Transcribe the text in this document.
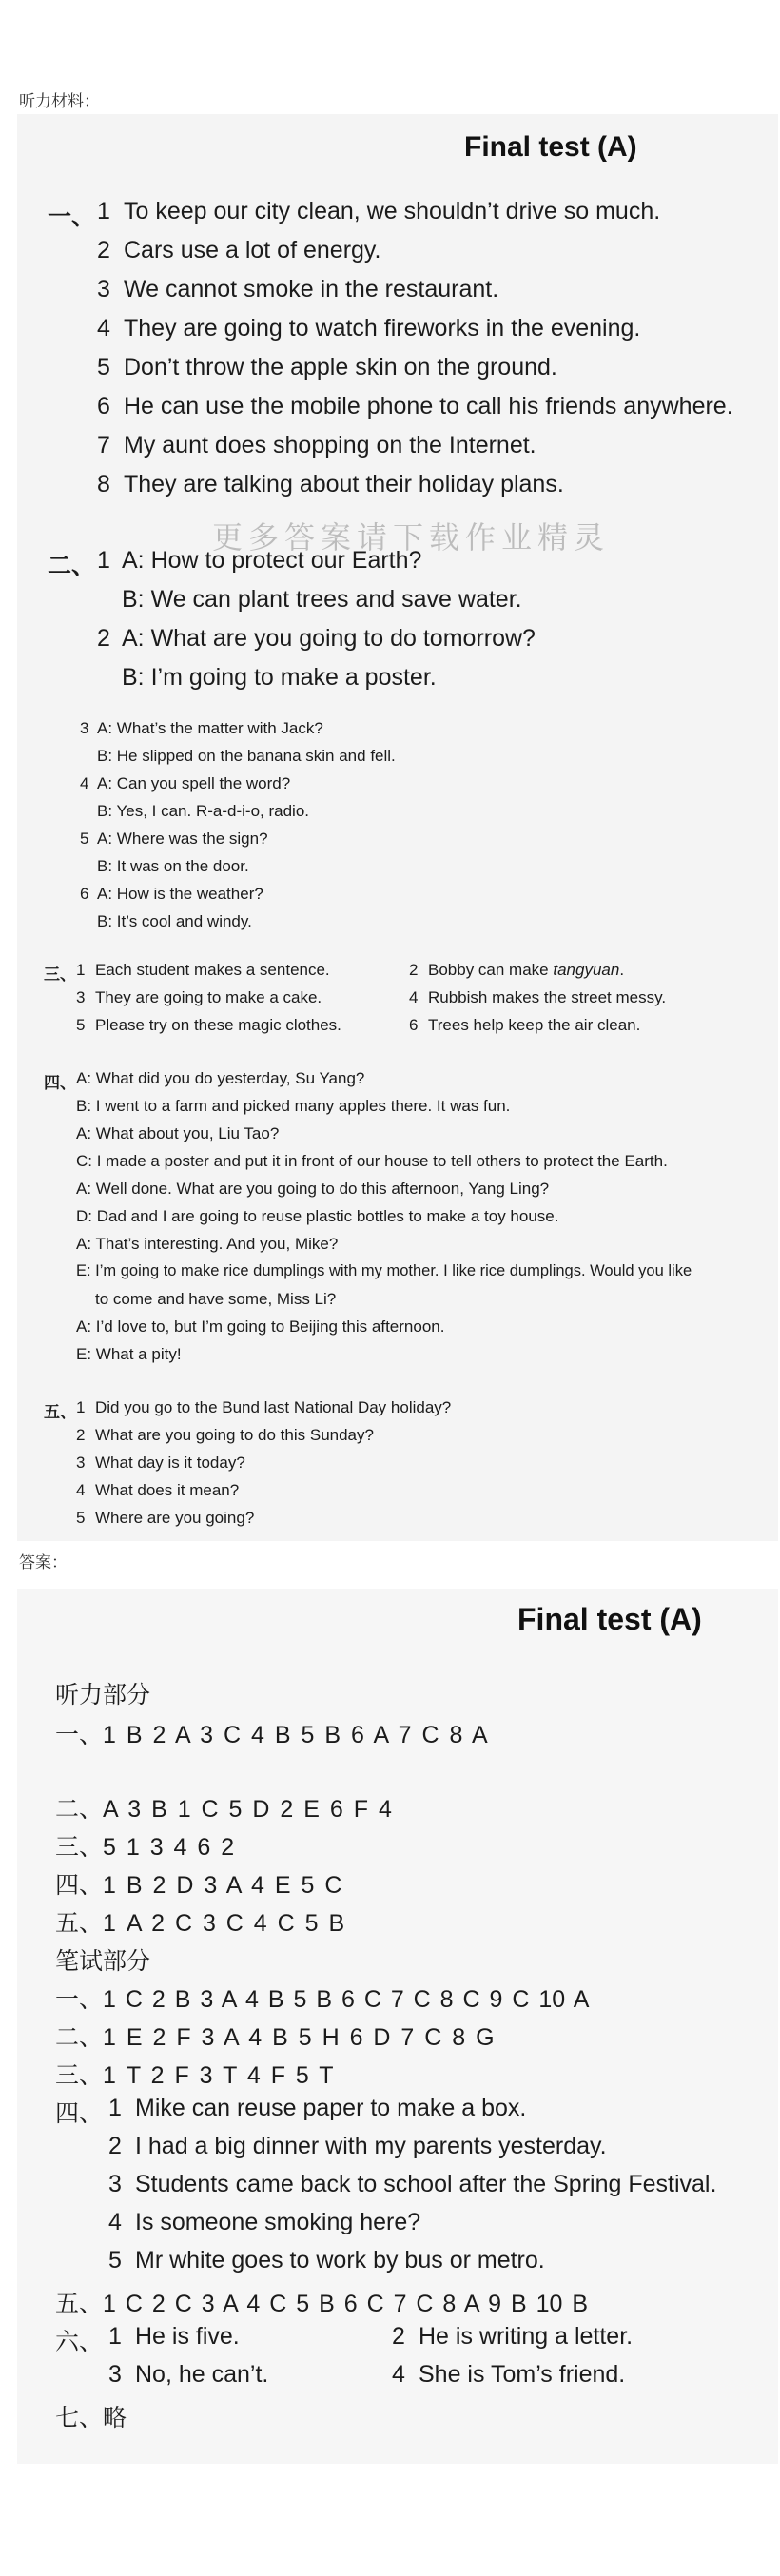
听力材料：
Final test (A)
一、 1 To keep our city clean, we shouldn’t drive so much.
2 Cars use a lot of energy.
3 We cannot smoke in the restaurant.
4 They are going to watch fireworks in the evening.
5 Don’t throw the apple skin on the ground.
6 He can use the mobile phone to call his friends anywhere.
7 My aunt does shopping on the Internet.
8 They are talking about their holiday plans.
更多答案请下载作业精灵
二、 1 A: How to protect our Earth?
B: We can plant trees and save water.
2 A: What are you going to do tomorrow?
B: I’m going to make a poster.
3 A: What’s the matter with Jack?
B: He slipped on the banana skin and fell.
4 A: Can you spell the word?
B: Yes, I can. R-a-d-i-o, radio.
5 A: Where was the sign?
B: It was on the door.
6 A: How is the weather?
B: It’s cool and windy.
三、 1 Each student makes a sentence.	2 Bobby can make tangyuan.
3 They are going to make a cake.	4 Rubbish makes the street messy.
5 Please try on these magic clothes.	6 Trees help keep the air clean.
四、 A: What did you do yesterday, Su Yang?
B: I went to a farm and picked many apples there. It was fun.
A: What about you, Liu Tao?
C: I made a poster and put it in front of our house to tell others to protect the Earth.
A: Well done. What are you going to do this afternoon, Yang Ling?
D: Dad and I are going to reuse plastic bottles to make a toy house.
A: That’s interesting. And you, Mike?
E: I’m going to make rice dumplings with my mother. I like rice dumplings. Would you like
to come and have some, Miss Li?
A: I’d love to, but I’m going to Beijing this afternoon.
E: What a pity!
五、 1 Did you go to the Bund last National Day holiday?
2 What are you going to do this Sunday?
3 What day is it today?
4 What does it mean?
5 Where are you going?
答案：
Final test (A)
听力部分
一、1 B 2 A 3 C 4 B 5 B 6 A 7 C 8 A
二、A 3 B 1 C 5 D 2 E 6 F 4
三、5 1 3 4 6 2
四、1 B 2 D 3 A 4 E 5 C
五、1 A 2 C 3 C 4 C 5 B
笔试部分
一、1 C 2 B 3 A 4 B 5 B 6 C 7 C 8 C 9 C 10 A
二、1 E 2 F 3 A 4 B 5 H 6 D 7 C 8 G
三、1 T 2 F 3 T 4 F 5 T
四、 1 Mike can reuse paper to make a box.
2 I had a big dinner with my parents yesterday.
3 Students came back to school after the Spring Festival.
4 Is someone smoking here?
5 Mr white goes to work by bus or metro.
五、1 C 2 C 3 A 4 C 5 B 6 C 7 C 8 A 9 B 10 B
六、 1 He is five.	2 He is writing a letter.
3 No, he can’t.	4 She is Tom’s friend.
七、略
